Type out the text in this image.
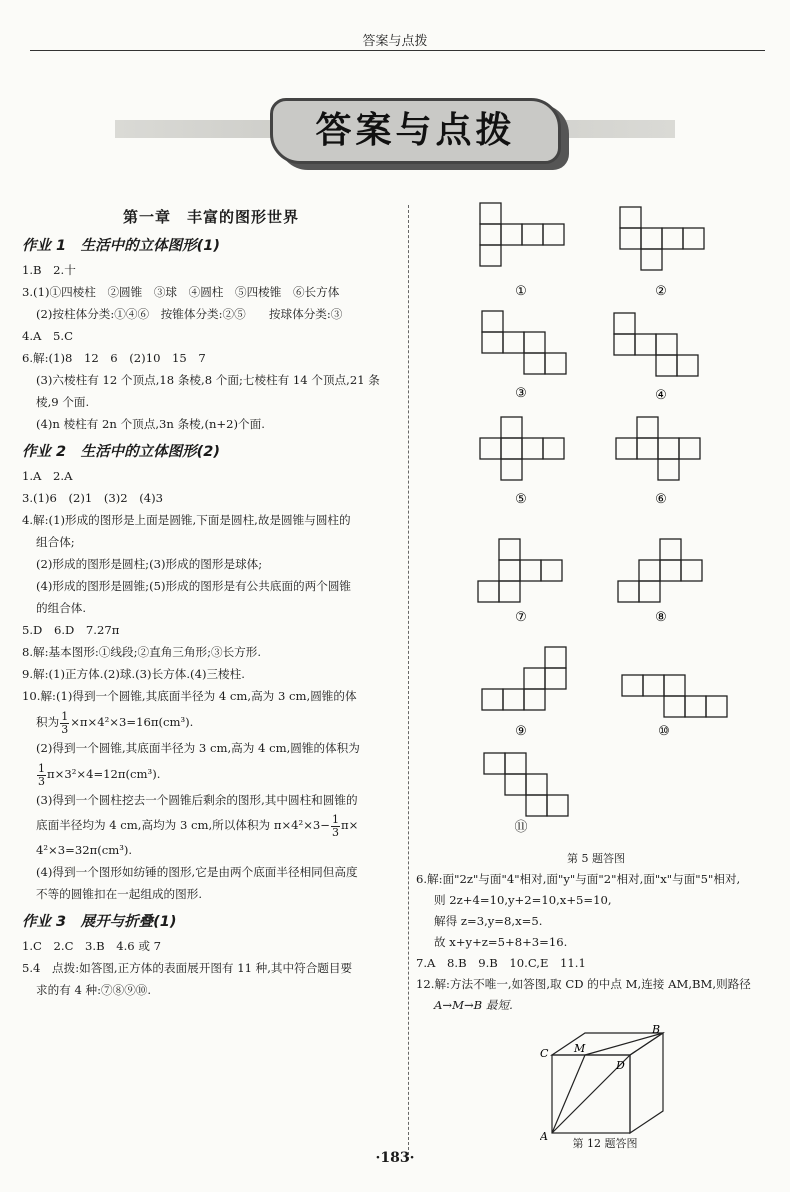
答案与点拨
答案与点拨

第一章　丰富的图形世界

作业 1　生活中的立体图形(1)

1.B　2.十

3.(1)①四棱柱　②圆锥　③球　④圆柱　⑤四棱锥　⑥长方体

(2)按柱体分类:①④⑥　按锥体分类:②⑤　　按球体分类:③

4.A　5.C

6.解:(1)8　12　6　(2)10　15　7

(3)六棱柱有 12 个顶点,18 条棱,8 个面;七棱柱有 14 个顶点,21 条

棱,9 个面.

(4)n 棱柱有 2n 个顶点,3n 条棱,(n+2)个面.

作业 2　生活中的立体图形(2)

1.A　2.A

3.(1)6　(2)1　(3)2　(4)3

4.解:(1)形成的图形是上面是圆锥,下面是圆柱,故是圆锥与圆柱的

组合体;

(2)形成的图形是圆柱;(3)形成的图形是球体;

(4)形成的图形是圆锥;(5)形成的图形是有公共底面的两个圆锥

的组合体.

5.D　6.D　7.27π

8.解:基本图形:①线段;②直角三角形;③长方形.

9.解:(1)正方体.(2)球.(3)长方体.(4)三棱柱.

10.解:(1)得到一个圆锥,其底面半径为 4 cm,高为 3 cm,圆锥的体

积为 $\frac{1}{3} \times\pi\times 4^2\times 3=16\pi(cm^3)$.

(2)得到一个圆锥,其底面半径为 3 cm,高为 4 cm,圆锥的体积为

$\frac{1}{3} \pi\times 3^2\times 4=12\pi(cm^3)$.

(3)得到一个圆柱挖去一个圆锥后剩余的图形,其中圆柱和圆锥的

底面半径均为 4 cm,高均为 3 cm,所以体积为 $\pi\times 4^2\times 3- \frac{1}{3} \pi\times$

4²×3=32π(cm³).

(4)得到一个图形如纺锤的图形,它是由两个底面半径相同但高度

不等的圆锥扣在一起组成的图形.

作业 3　展开与折叠(1)

1.C　2.C　3.B　4.6 或 7

5.4　点拨:如答图,正方体的表面展开图有 11 种,其中符合题目要

求的有 4 种:⑦⑧⑨⑩.

①	②
③	④
⑤	⑥
⑦	⑧
⑨	⑩
⑪

第 5 题答图

6.解:面"2z"与面"4"相对,面"y"与面"2"相对,面"x"与面"5"相对,

则 2z+4=10,y+2=10,x+5=10,

解得 z=3,y=8,x=5.

故 x+y+z=5+8+3=16.

7.A　8.B　9.B　10.C,E　11.1

12.解:方法不唯一,如答图,取 CD 的中点 M,连接 AM,BM,则路径

A→M→B 最短.

A
B
C
D
M
第 12 题答图
·183·
